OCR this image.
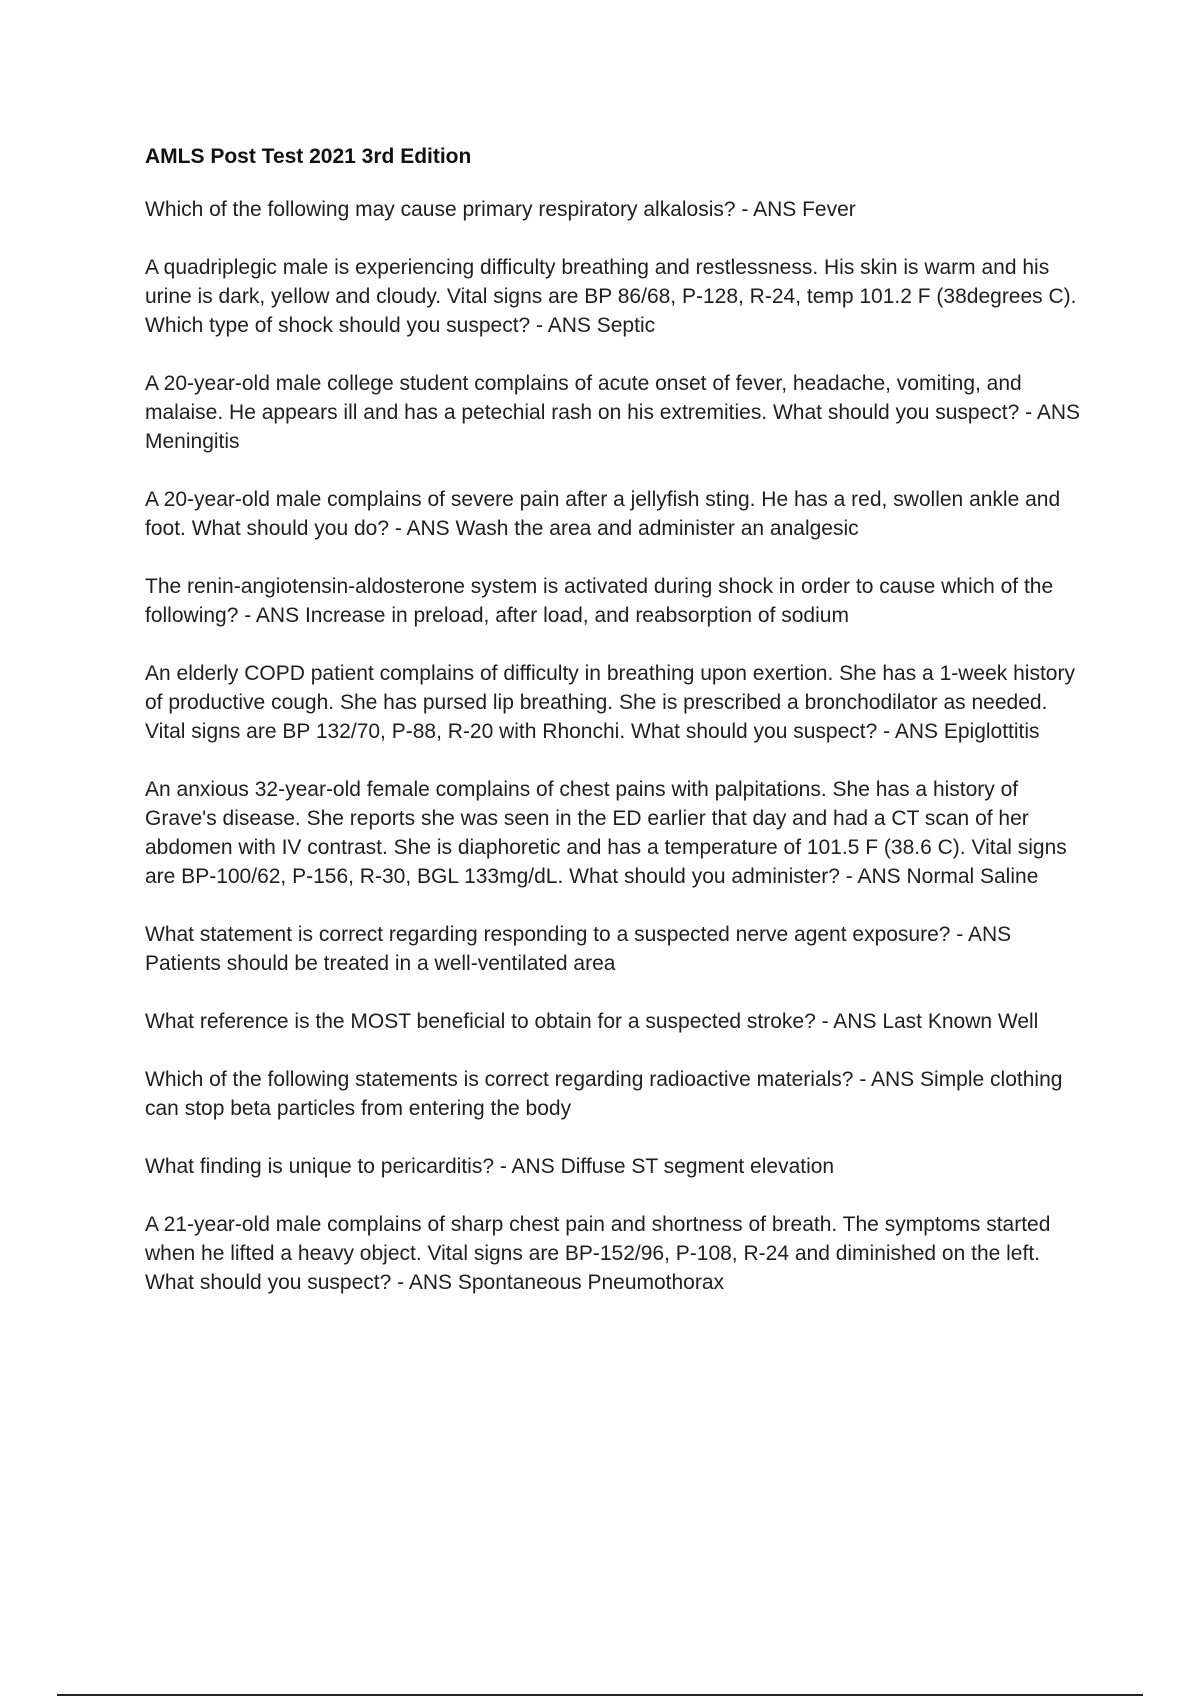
AMLS Post Test 2021 3rd Edition

Which of the following may cause primary respiratory alkalosis? - ANS Fever

A quadriplegic male is experiencing difficulty breathing and restlessness. His skin is warm and his urine is dark, yellow and cloudy. Vital signs are BP 86/68, P-128, R-24, temp 101.2 F (38degrees C). Which type of shock should you suspect? - ANS Septic

A 20-year-old male college student complains of acute onset of fever, headache, vomiting, and malaise. He appears ill and has a petechial rash on his extremities. What should you suspect? - ANS Meningitis

A 20-year-old male complains of severe pain after a jellyfish sting. He has a red, swollen ankle and foot. What should you do? - ANS Wash the area and administer an analgesic

The renin-angiotensin-aldosterone system is activated during shock in order to cause which of the following? - ANS Increase in preload, after load, and reabsorption of sodium

An elderly COPD patient complains of difficulty in breathing upon exertion. She has a 1-week history of productive cough. She has pursed lip breathing. She is prescribed a bronchodilator as needed. Vital signs are BP 132/70, P-88, R-20 with Rhonchi. What should you suspect? - ANS Epiglottitis

An anxious 32-year-old female complains of chest pains with palpitations. She has a history of Grave's disease. She reports she was seen in the ED earlier that day and had a CT scan of her abdomen with IV contrast. She is diaphoretic and has a temperature of 101.5 F (38.6 C). Vital signs are BP-100/62, P-156, R-30, BGL 133mg/dL. What should you administer? - ANS Normal Saline

What statement is correct regarding responding to a suspected nerve agent exposure? - ANS Patients should be treated in a well-ventilated area

What reference is the MOST beneficial to obtain for a suspected stroke? - ANS Last Known Well

Which of the following statements is correct regarding radioactive materials? - ANS Simple clothing can stop beta particles from entering the body

What finding is unique to pericarditis? - ANS Diffuse ST segment elevation

A 21-year-old male complains of sharp chest pain and shortness of breath. The symptoms started when he lifted a heavy object. Vital signs are BP-152/96, P-108, R-24 and diminished on the left. What should you suspect? - ANS Spontaneous Pneumothorax
